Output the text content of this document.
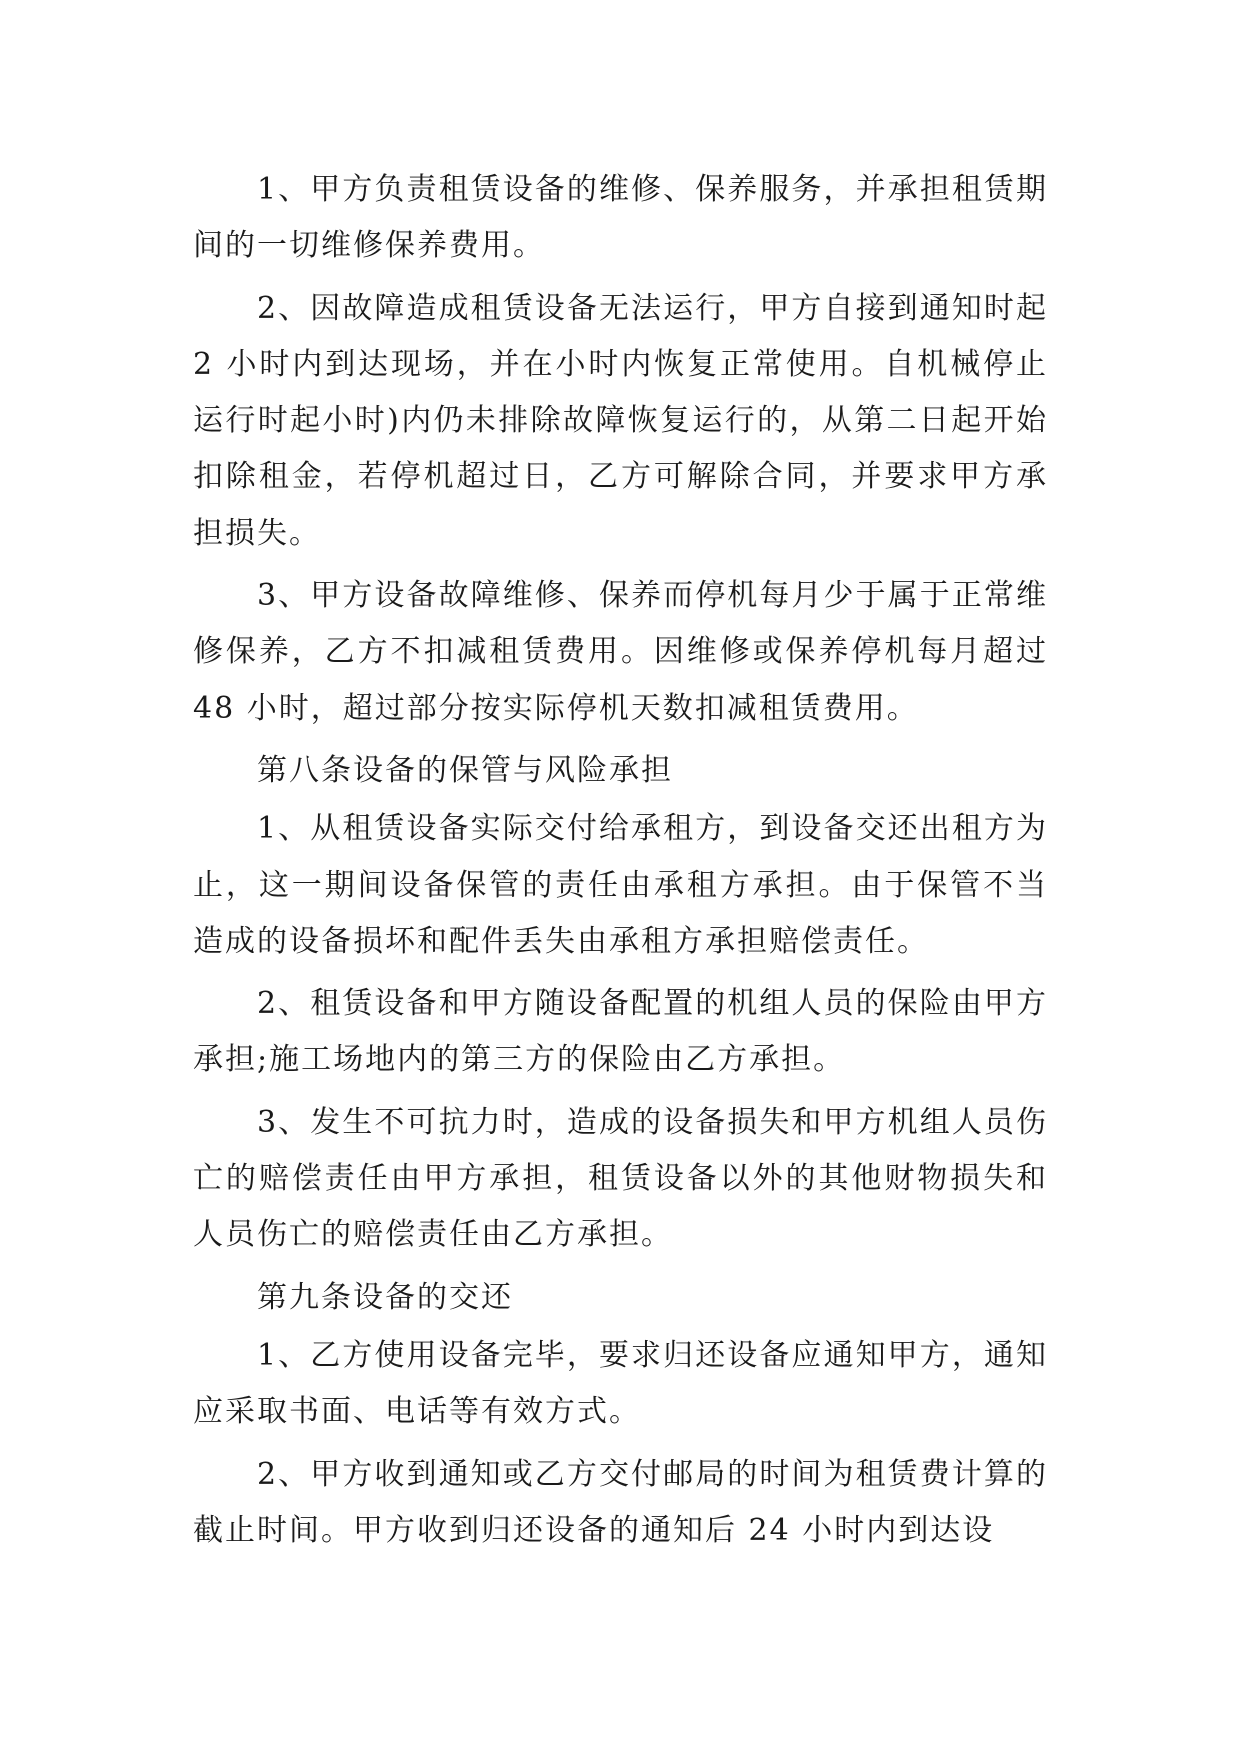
1、甲方负责租赁设备的维修、保养服务，并承担租赁期间的一切维修保养费用。

2、因故障造成租赁设备无法运行，甲方自接到通知时起 2 小时内到达现场，并在小时内恢复正常使用。自机械停止运行时起小时)内仍未排除故障恢复运行的，从第二日起开始扣除租金，若停机超过日，乙方可解除合同，并要求甲方承担损失。

3、甲方设备故障维修、保养而停机每月少于属于正常维修保养，乙方不扣减租赁费用。因维修或保养停机每月超过 48 小时，超过部分按实际停机天数扣减租赁费用。

第八条设备的保管与风险承担

1、从租赁设备实际交付给承租方，到设备交还出租方为止，这一期间设备保管的责任由承租方承担。由于保管不当造成的设备损坏和配件丢失由承租方承担赔偿责任。

2、租赁设备和甲方随设备配置的机组人员的保险由甲方承担;施工场地内的第三方的保险由乙方承担。

3、发生不可抗力时，造成的设备损失和甲方机组人员伤亡的赔偿责任由甲方承担，租赁设备以外的其他财物损失和人员伤亡的赔偿责任由乙方承担。

第九条设备的交还

1、乙方使用设备完毕，要求归还设备应通知甲方，通知应采取书面、电话等有效方式。

2、甲方收到通知或乙方交付邮局的时间为租赁费计算的截止时间。甲方收到归还设备的通知后 24 小时内到达设
